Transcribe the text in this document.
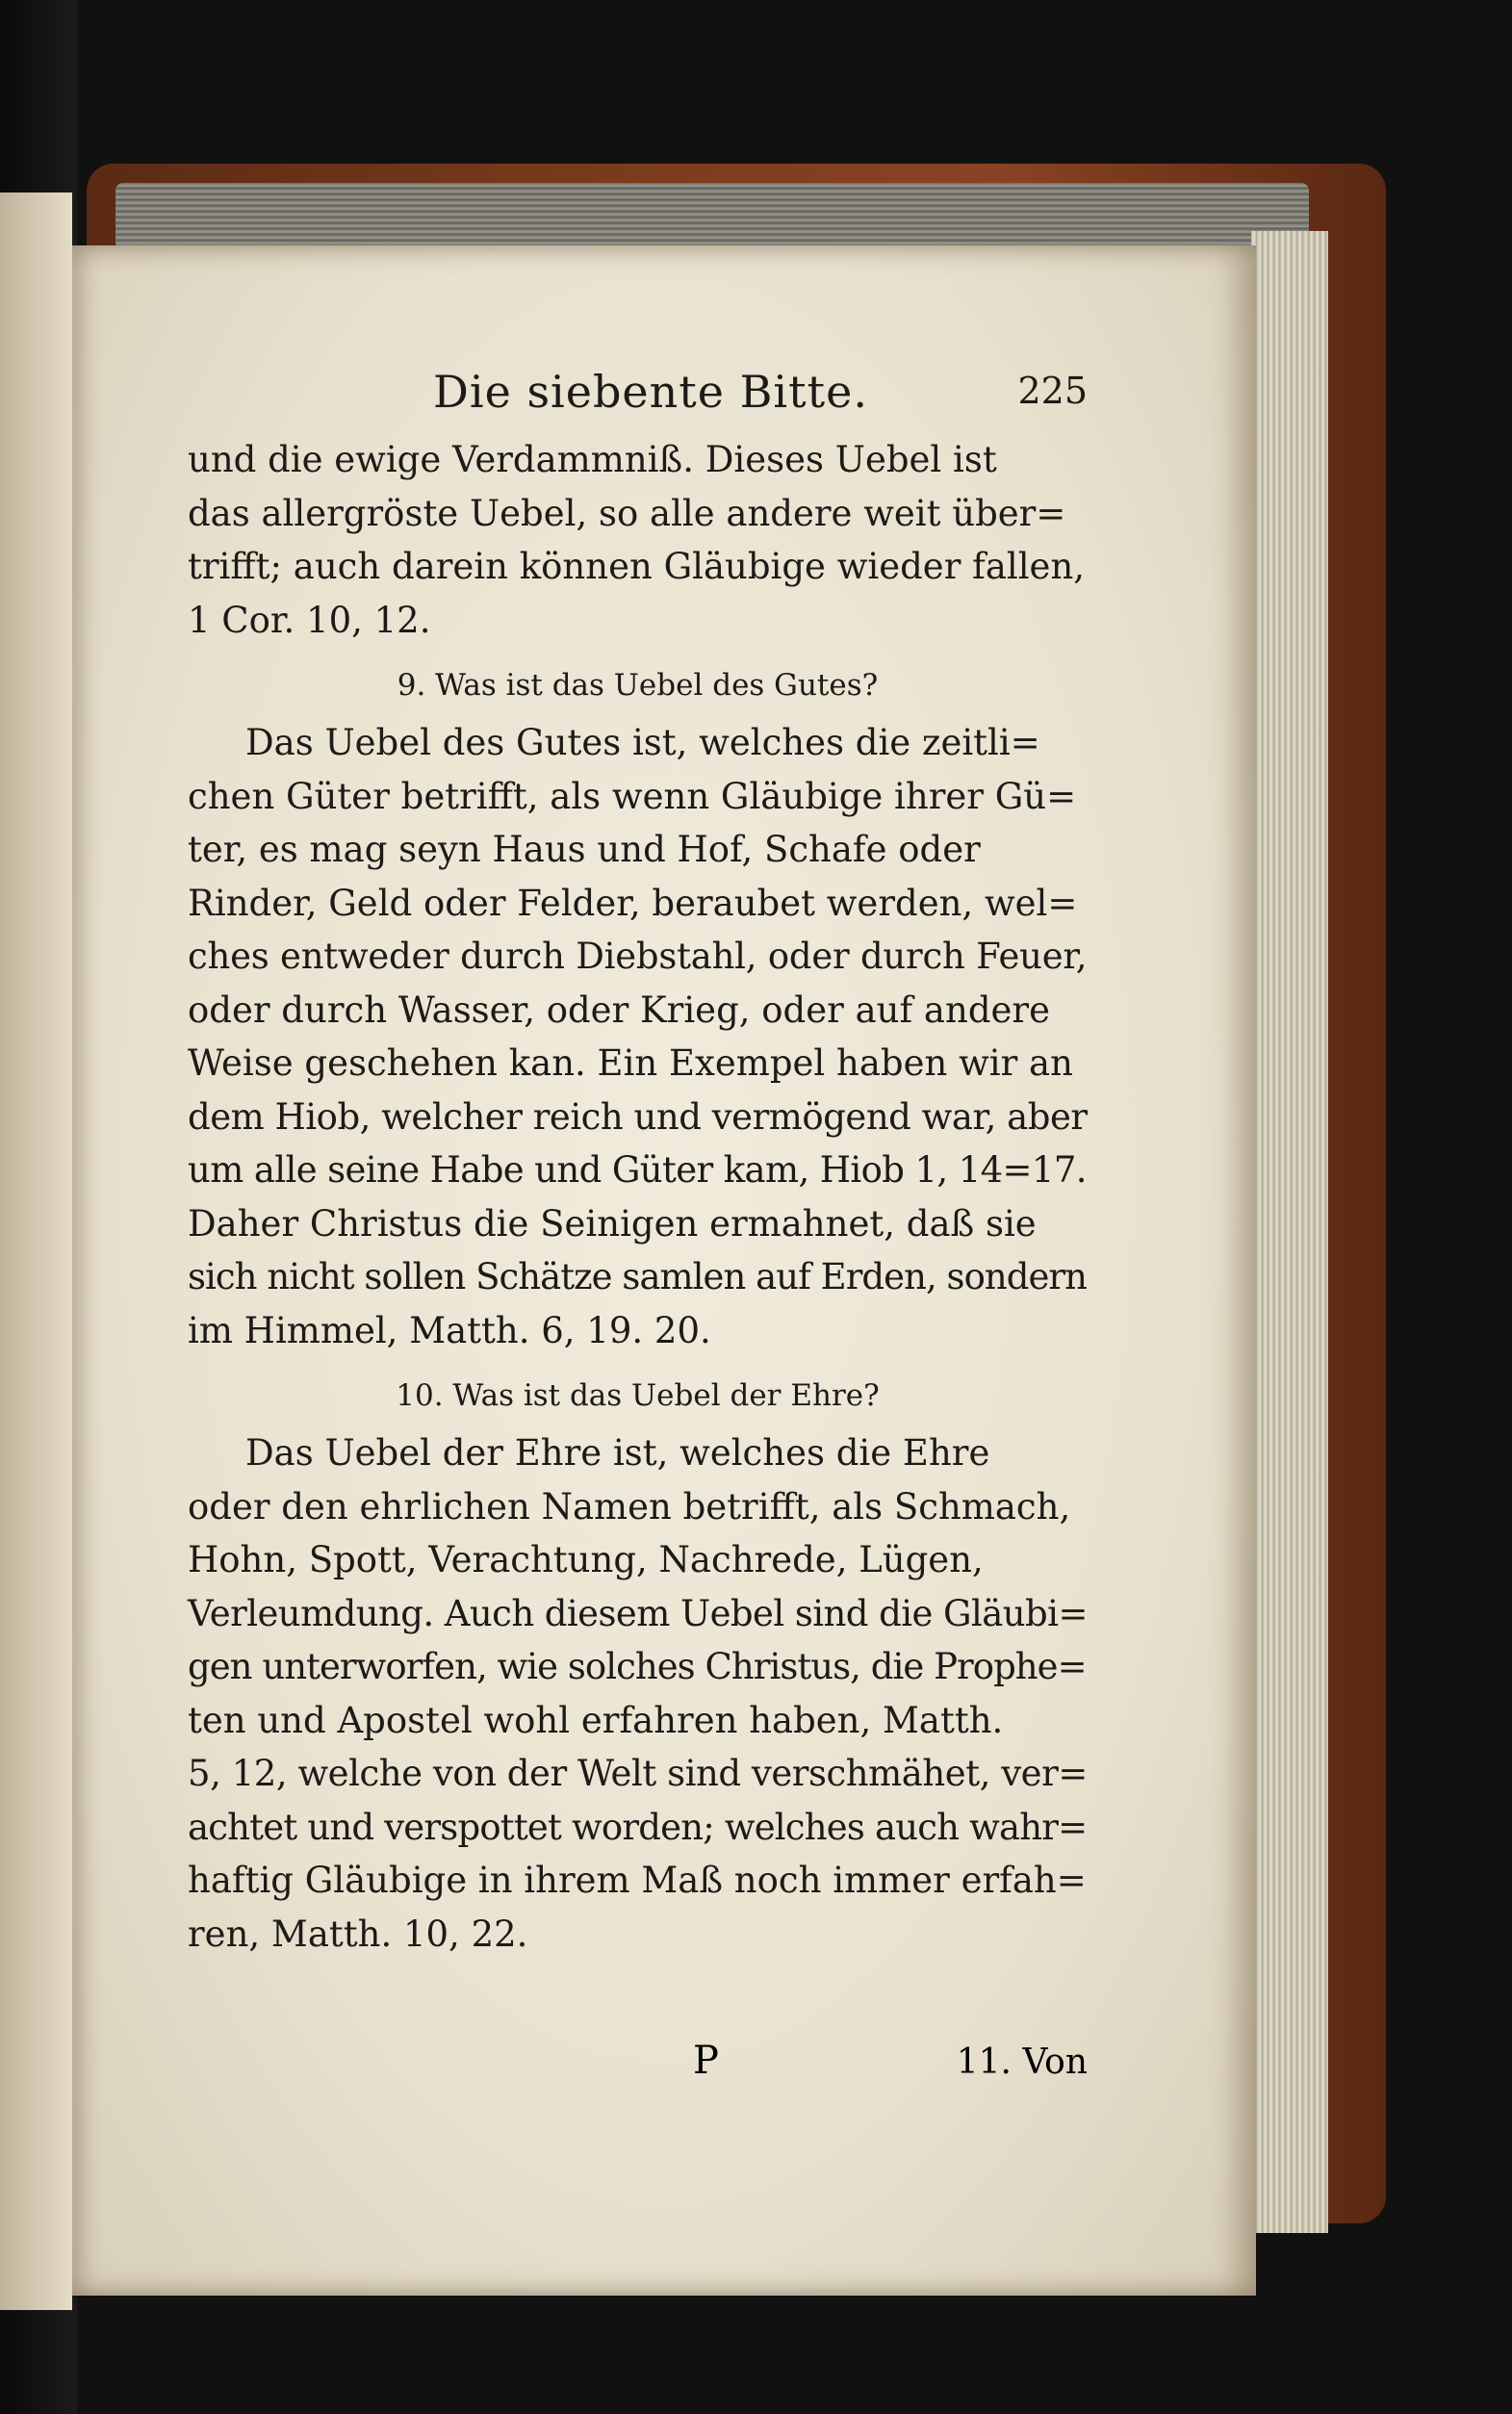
Die siebente Bitte.	225

und die ewige Verdammniß. Dieses Uebel ist
das allergröste Uebel, so alle andere weit über=
trifft; auch darein können Gläubige wieder fallen,
1 Cor. 10, 12.

9. Was ist das Uebel des Gutes?

Das Uebel des Gutes ist, welches die zeitli=
chen Güter betrifft, als wenn Gläubige ihrer Gü=
ter, es mag seyn Haus und Hof, Schafe oder
Rinder, Geld oder Felder, beraubet werden, wel=
ches entweder durch Diebstahl, oder durch Feuer,
oder durch Wasser, oder Krieg, oder auf andere
Weise geschehen kan. Ein Exempel haben wir an
dem Hiob, welcher reich und vermögend war, aber
um alle seine Habe und Güter kam, Hiob 1, 14=17.
Daher Christus die Seinigen ermahnet, daß sie
sich nicht sollen Schätze samlen auf Erden, sondern
im Himmel, Matth. 6, 19. 20.

10. Was ist das Uebel der Ehre?

Das Uebel der Ehre ist, welches die Ehre
oder den ehrlichen Namen betrifft, als Schmach,
Hohn, Spott, Verachtung, Nachrede, Lügen,
Verleumdung. Auch diesem Uebel sind die Gläubi=
gen unterworfen, wie solches Christus, die Prophe=
ten und Apostel wohl erfahren haben, Matth.
5, 12, welche von der Welt sind verschmähet, ver=
achtet und verspottet worden; welches auch wahr=
haftig Gläubige in ihrem Maß noch immer erfah=
ren, Matth. 10, 22.

P	11. Von
